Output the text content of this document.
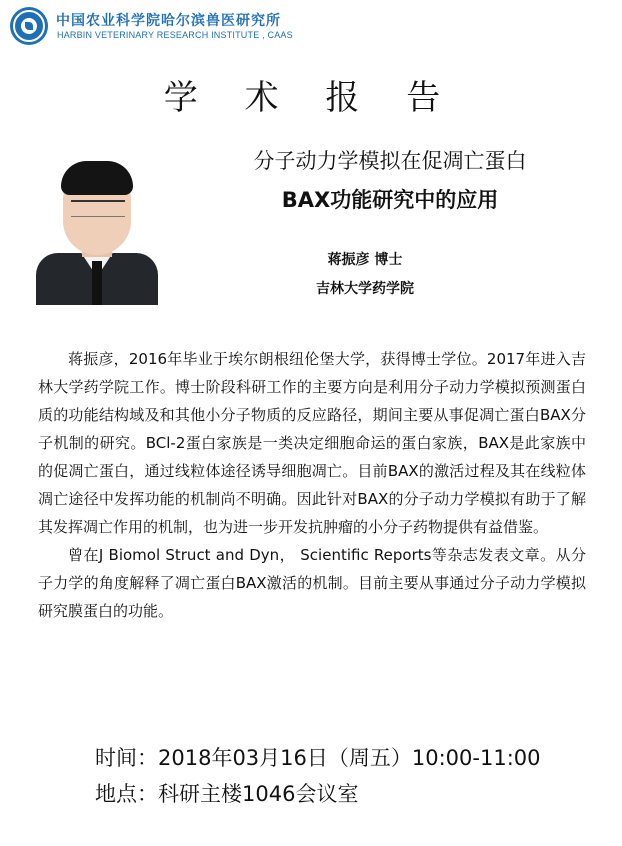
中国农业科学院哈尔滨兽医研究所
HARBIN VETERINARY RESEARCH INSTITUTE , CAAS
学 术 报 告
分子动力学模拟在促凋亡蛋白
BAX功能研究中的应用
蒋振彦 博士
吉林大学药学院

蒋振彦，2016年毕业于埃尔朗根纽伦堡大学，获得博士学位。2017年进入吉林大学药学院工作。博士阶段科研工作的主要方向是利用分子动力学模拟预测蛋白质的功能结构域及和其他小分子物质的反应路径，期间主要从事促凋亡蛋白BAX分子机制的研究。BCl-2蛋白家族是一类决定细胞命运的蛋白家族，BAX是此家族中的促凋亡蛋白，通过线粒体途径诱导细胞凋亡。目前BAX的激活过程及其在线粒体凋亡途径中发挥功能的机制尚不明确。因此针对BAX的分子动力学模拟有助于了解其发挥凋亡作用的机制，也为进一步开发抗肿瘤的小分子药物提供有益借鉴。

曾在J Biomol Struct and Dyn， Scientific Reports等杂志发表文章。从分子力学的角度解释了凋亡蛋白BAX激活的机制。目前主要从事通过分子动力学模拟研究膜蛋白的功能。

时间：2018年03月16日（周五）10:00-11:00
地点：科研主楼1046会议室
